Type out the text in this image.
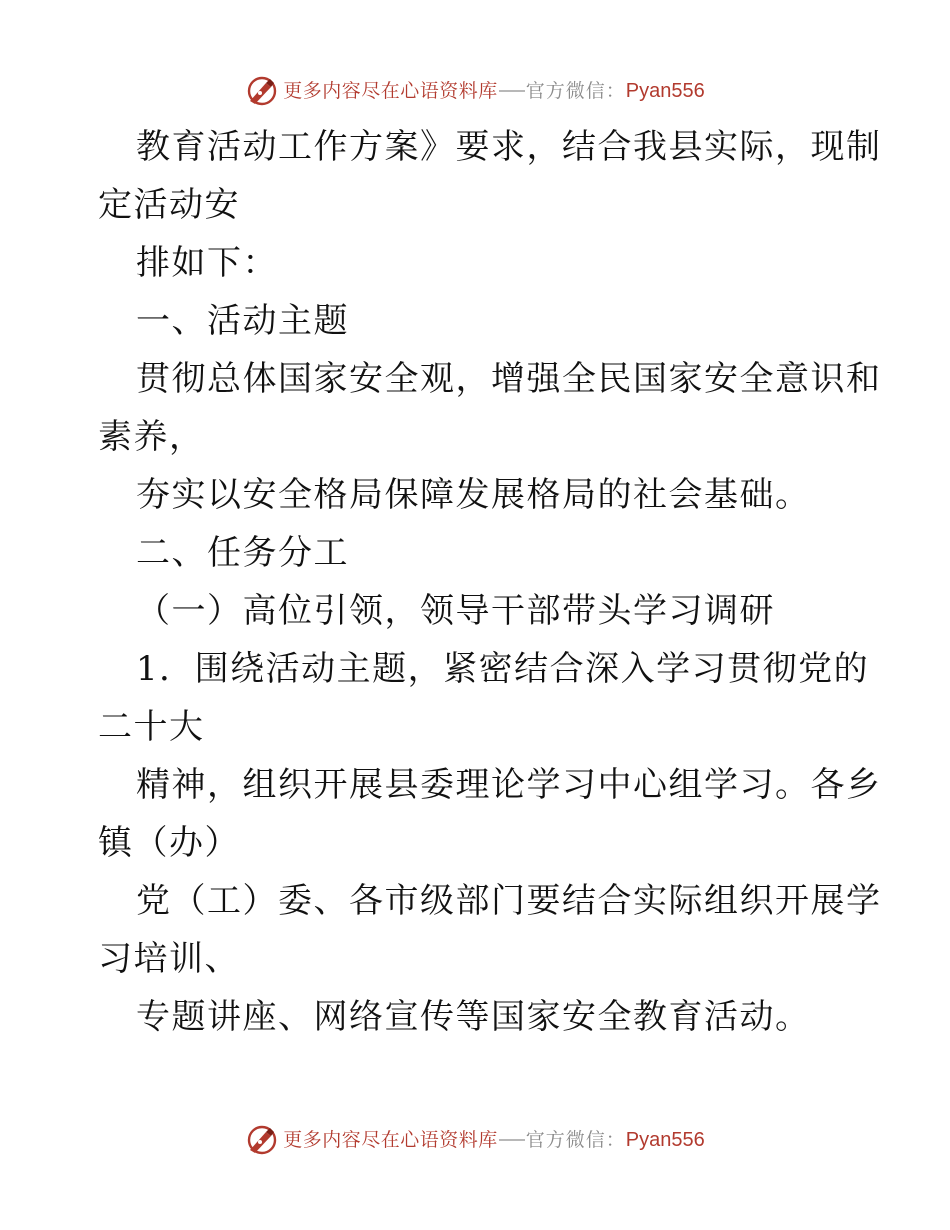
更多内容尽在心语资料库 官方微信： Pyan556
教育活动工作方案》要求，结合我县实际，现制
定活动安
排如下：
一、活动主题
贯彻总体国家安全观，增强全民国家安全意识和
素养，
夯实以安全格局保障发展格局的社会基础。
二、任务分工
（一）高位引领，领导干部带头学习调研
1．围绕活动主题，紧密结合深入学习贯彻党的
二十大
精神，组织开展县委理论学习中心组学习。各乡
镇（办）
党（工）委、各市级部门要结合实际组织开展学
习培训、
专题讲座、网络宣传等国家安全教育活动。
更多内容尽在心语资料库 官方微信： Pyan556
